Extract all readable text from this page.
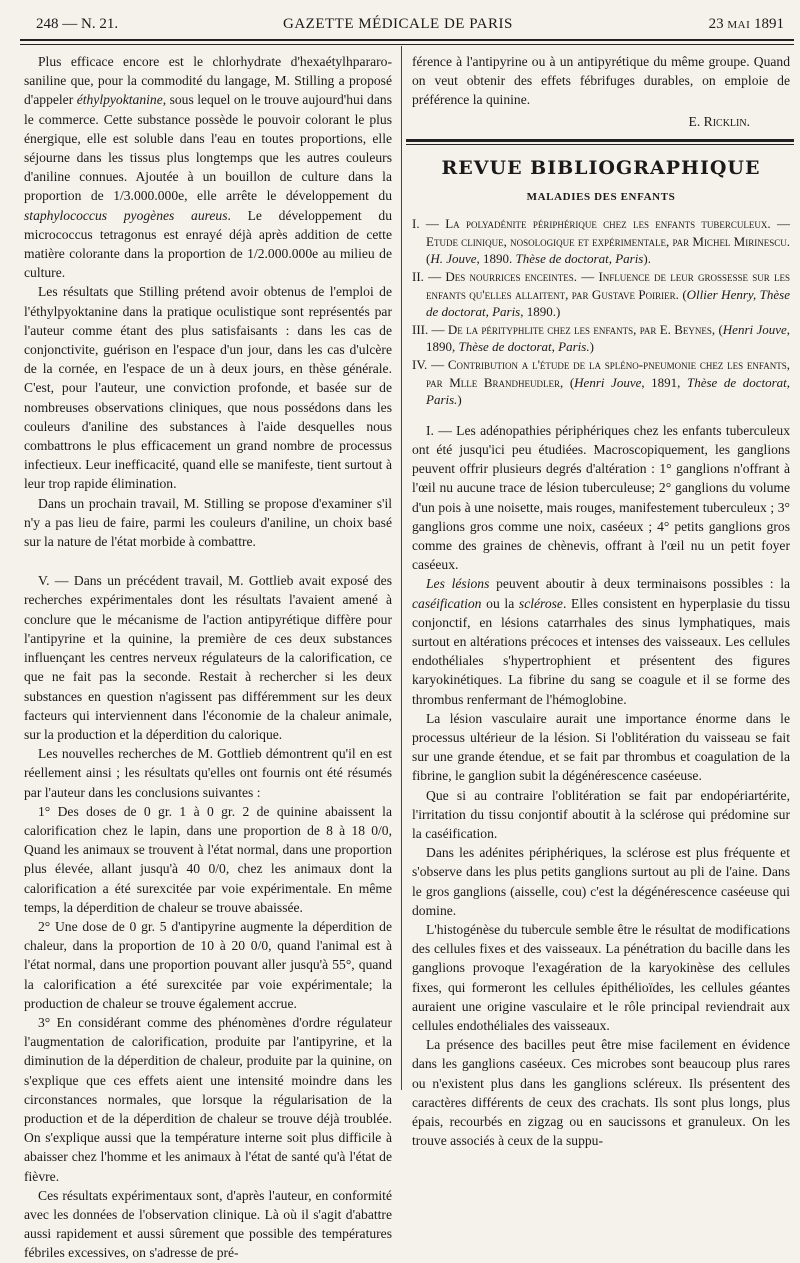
248 — N. 21.	GAZETTE MÉDICALE DE PARIS	23 MAI 1891

Plus efficace encore est le chlorhydrate d'hexaétylhpararo-saniline que, pour la commodité du langage, M. Stilling a proposé d'appeler éthylpyoktanine, sous lequel on le trouve aujourd'hui dans le commerce. Cette substance possède le pouvoir colorant le plus énergique, elle est soluble dans l'eau en toutes proportions, elle séjourne dans les tissus plus longtemps que les autres couleurs d'aniline connues. Ajoutée à un bouillon de culture dans la proportion de 1/3.000.000e, elle arrête le développement du staphylococcus pyogènes aureus. Le développement du micrococcus tetragonus est enrayé déjà après addition de cette matière colorante dans la proportion de 1/2.000.000e au milieu de culture.

Les résultats que Stilling prétend avoir obtenus de l'emploi de l'éthylpyoktanine dans la pratique oculistique sont représentés par l'auteur comme étant des plus satisfaisants : dans les cas de conjonctivite, guérison en l'espace d'un jour, dans les cas d'ulcère de la cornée, en l'espace de un à deux jours, en thèse générale. C'est, pour l'auteur, une conviction profonde, et basée sur de nombreuses observations cliniques, que nous possédons dans les couleurs d'aniline des substances à l'aide desquelles nous combattrons le plus efficacement un grand nombre de processus infectieux. Leur inefficacité, quand elle se manifeste, tient surtout à leur trop rapide élimination.

Dans un prochain travail, M. Stilling se propose d'examiner s'il n'y a pas lieu de faire, parmi les couleurs d'aniline, un choix basé sur la nature de l'état morbide à combattre.

V. — Dans un précédent travail, M. Gottlieb avait exposé des recherches expérimentales dont les résultats l'avaient amené à conclure que le mécanisme de l'action antipyrétique diffère pour l'antipyrine et la quinine, la première de ces deux substances influençant les centres nerveux régulateurs de la calorification, ce que ne fait pas la seconde. Restait à rechercher si les deux substances en question n'agissent pas différemment sur les deux facteurs qui interviennent dans l'économie de la chaleur animale, sur la production et la déperdition du calorique.

Les nouvelles recherches de M. Gottlieb démontrent qu'il en est réellement ainsi ; les résultats qu'elles ont fournis ont été résumés par l'auteur dans les conclusions suivantes :

1° Des doses de 0 gr. 1 à 0 gr. 2 de quinine abaissent la calorification chez le lapin, dans une proportion de 8 à 18 0/0, Quand les animaux se trouvent à l'état normal, dans une proportion plus élevée, allant jusqu'à 40 0/0, chez les animaux dont la calorification a été surexcitée par voie expérimentale. En même temps, la déperdition de chaleur se trouve abaissée.

2° Une dose de 0 gr. 5 d'antipyrine augmente la déperdition de chaleur, dans la proportion de 10 à 20 0/0, quand l'animal est à l'état normal, dans une proportion pouvant aller jusqu'à 55°, quand la calorification a été surexcitée par voie expérimentale; la production de chaleur se trouve également accrue.

3° En considérant comme des phénomènes d'ordre régulateur l'augmentation de calorification, produite par l'antipyrine, et la diminution de la déperdition de chaleur, produite par la quinine, on s'explique que ces effets aient une intensité moindre dans les circonstances normales, que lorsque la régularisation de la production et de la déperdition de chaleur se trouve déjà troublée. On s'explique aussi que la température interne soit plus difficile à abaisser chez l'homme et les animaux à l'état de santé qu'à l'état de fièvre.

Ces résultats expérimentaux sont, d'après l'auteur, en conformité avec les données de l'observation clinique. Là où il s'agit d'abattre aussi rapidement et aussi sûrement que possible des températures fébriles excessives, on s'adresse de pré-

férence à l'antipyrine ou à un antipyrétique du même groupe. Quand on veut obtenir des effets fébrifuges durables, on emploie de préférence la quinine.

E. Ricklin.
REVUE BIBLIOGRAPHIQUE
MALADIES DES ENFANTS
I. — La polyadénite périphérique chez les enfants tuberculeux. — Etude clinique, nosologique et expérimentale, par Michel Mirinescu. (H. Jouve, 1890. Thèse de doctorat, Paris).
II. — Des nourrices enceintes. — Influence de leur grossesse sur les enfants qu'elles allaitent, par Gustave Poirier. (Ollier Henry, Thèse de doctorat, Paris, 1890.)
III. — De la pérityphlite chez les enfants, par E. Beynes, (Henri Jouve, 1890, Thèse de doctorat, Paris.)
IV. — Contribution a l'étude de la spléno-pneumonie chez les enfants, par Mlle Brandheudler, (Henri Jouve, 1891, Thèse de doctorat, Paris.)

I. — Les adénopathies périphériques chez les enfants tuberculeux ont été jusqu'ici peu étudiées. Macroscopiquement, les ganglions peuvent offrir plusieurs degrés d'altération : 1° ganglions n'offrant à l'œil nu aucune trace de lésion tuberculeuse; 2° ganglions du volume d'un pois à une noisette, mais rouges, manifestement tuberculeux ; 3° ganglions gros comme une noix, caséeux ; 4° petits ganglions gros comme des graines de chènevis, offrant à l'œil nu un petit foyer caséeux.

Les lésions peuvent aboutir à deux terminaisons possibles : la caséification ou la sclérose. Elles consistent en hyperplasie du tissu conjonctif, en lésions catarrhales des sinus lymphatiques, mais surtout en altérations précoces et intenses des vaisseaux. Les cellules endothéliales s'hypertrophient et présentent des figures karyokinétiques. La fibrine du sang se coagule et il se forme des thrombus renfermant de l'hémoglobine.

La lésion vasculaire aurait une importance énorme dans le processus ultérieur de la lésion. Si l'oblitération du vaisseau se fait sur une grande étendue, et se fait par thrombus et coagulation de la fibrine, le ganglion subit la dégénérescence caséeuse.

Que si au contraire l'oblitération se fait par endopériartérite, l'irritation du tissu conjontif aboutit à la sclérose qui prédomine sur la caséification.

Dans les adénites périphériques, la sclérose est plus fréquente et s'observe dans les plus petits ganglions surtout au pli de l'aine. Dans le gros ganglions (aisselle, cou) c'est la dégénérescence caséeuse qui domine.

L'histogénèse du tubercule semble être le résultat de modifications des cellules fixes et des vaisseaux. La pénétration du bacille dans les ganglions provoque l'exagération de la karyokinèse des cellules fixes, qui formeront les cellules épithélioïdes, les cellules géantes auraient une origine vasculaire et le rôle principal reviendrait aux cellules endothéliales des vaisseaux.

La présence des bacilles peut être mise facilement en évidence dans les ganglions caséeux. Ces microbes sont beaucoup plus rares ou n'existent plus dans les ganglions scléreux. Ils présentent des caractères différents de ceux des crachats. Ils sont plus longs, plus épais, recourbés en zigzag ou en saucissons et granuleux. On les trouve associés à ceux de la suppu-
